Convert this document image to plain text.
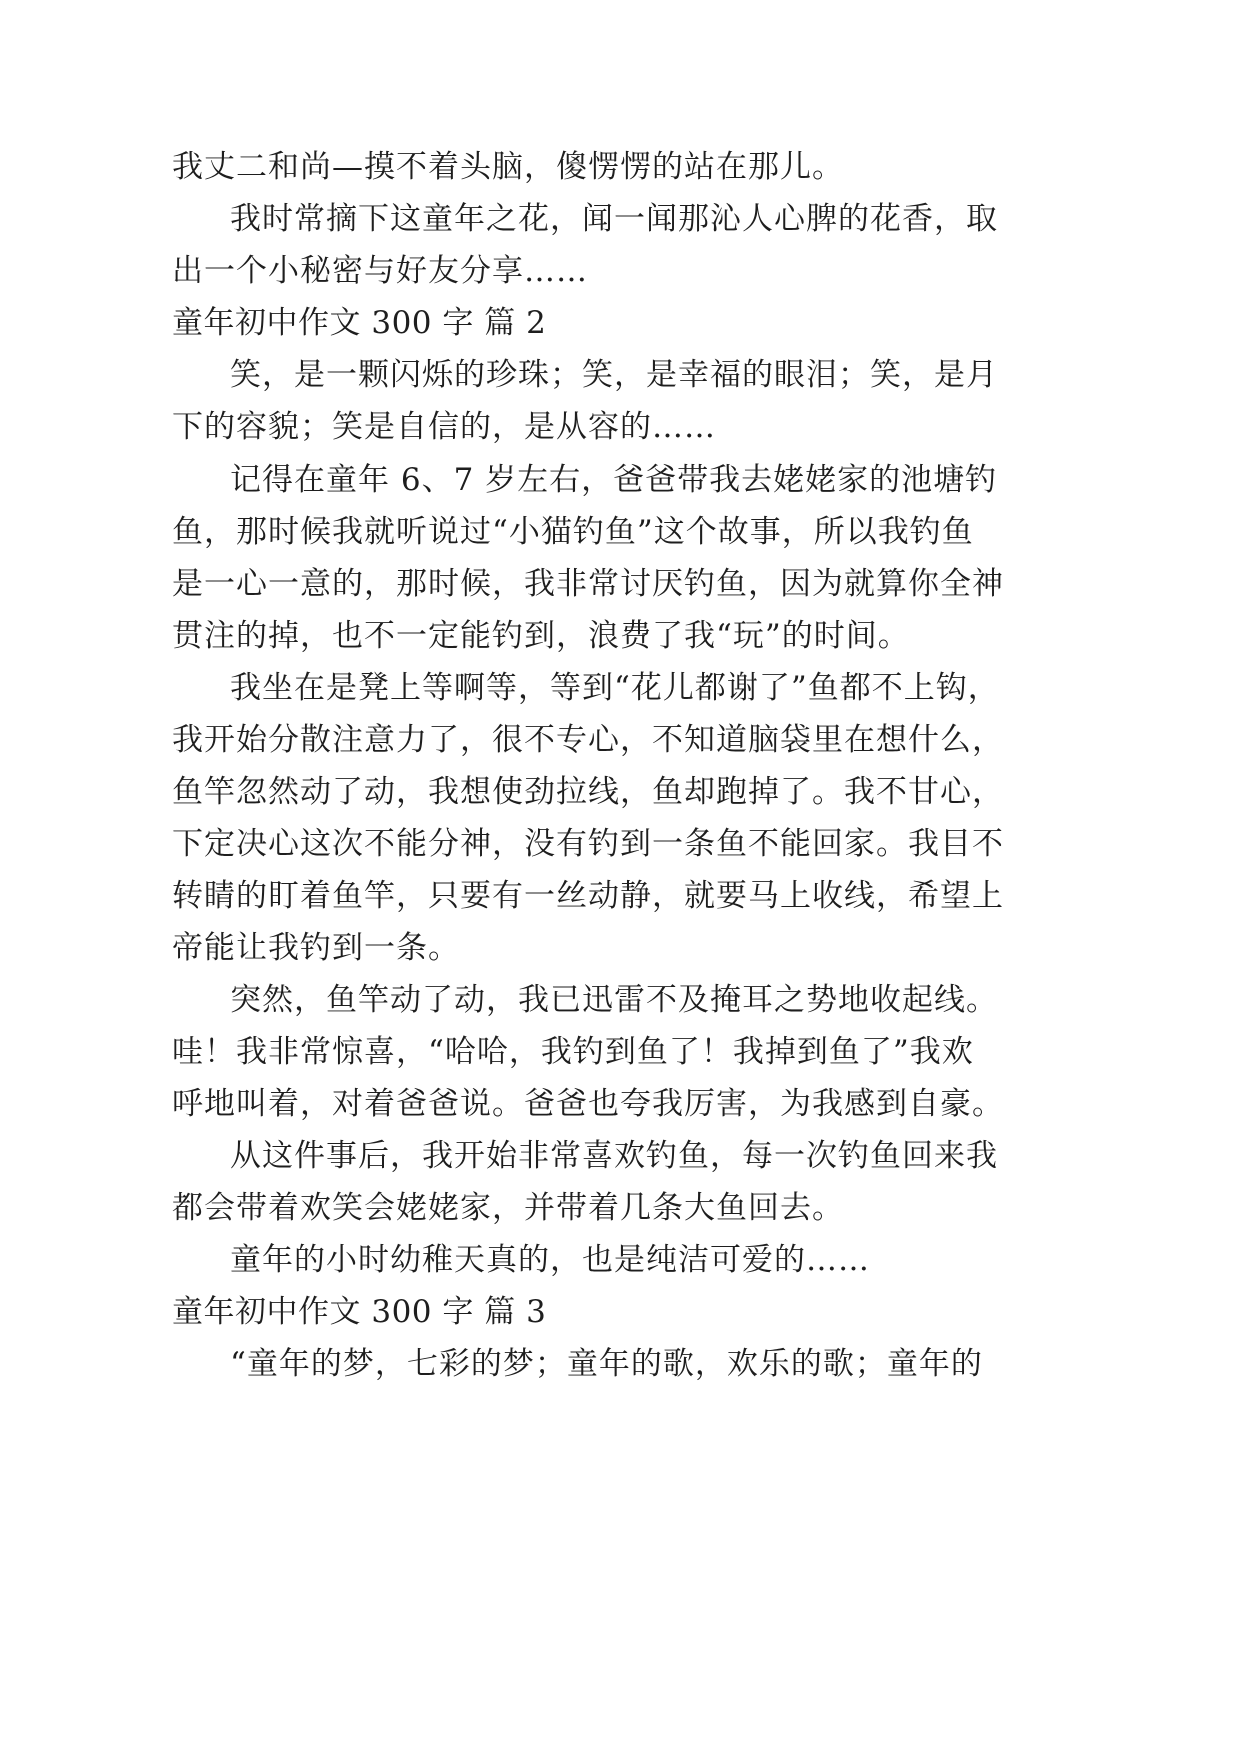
我丈二和尚—摸不着头脑，傻愣愣的站在那儿。
我时常摘下这童年之花，闻一闻那沁人心脾的花香，取
出一个小秘密与好友分享……
童年初中作文 300 字 篇 2
笑，是一颗闪烁的珍珠；笑，是幸福的眼泪；笑，是月
下的容貌；笑是自信的，是从容的……
记得在童年 6、7 岁左右，爸爸带我去姥姥家的池塘钓
鱼，那时候我就听说过“小猫钓鱼”这个故事，所以我钓鱼
是一心一意的，那时候，我非常讨厌钓鱼，因为就算你全神
贯注的掉，也不一定能钓到，浪费了我“玩”的时间。
我坐在是凳上等啊等，等到“花儿都谢了”鱼都不上钩，
我开始分散注意力了，很不专心，不知道脑袋里在想什么，
鱼竿忽然动了动，我想使劲拉线，鱼却跑掉了。我不甘心，
下定决心这次不能分神，没有钓到一条鱼不能回家。我目不
转睛的盯着鱼竿，只要有一丝动静，就要马上收线，希望上
帝能让我钓到一条。
突然，鱼竿动了动，我已迅雷不及掩耳之势地收起线。
哇！我非常惊喜，“哈哈，我钓到鱼了！我掉到鱼了”我欢
呼地叫着，对着爸爸说。爸爸也夸我厉害，为我感到自豪。
从这件事后，我开始非常喜欢钓鱼，每一次钓鱼回来我
都会带着欢笑会姥姥家，并带着几条大鱼回去。
童年的小时幼稚天真的，也是纯洁可爱的……
童年初中作文 300 字 篇 3
“童年的梦，七彩的梦；童年的歌，欢乐的歌；童年的
